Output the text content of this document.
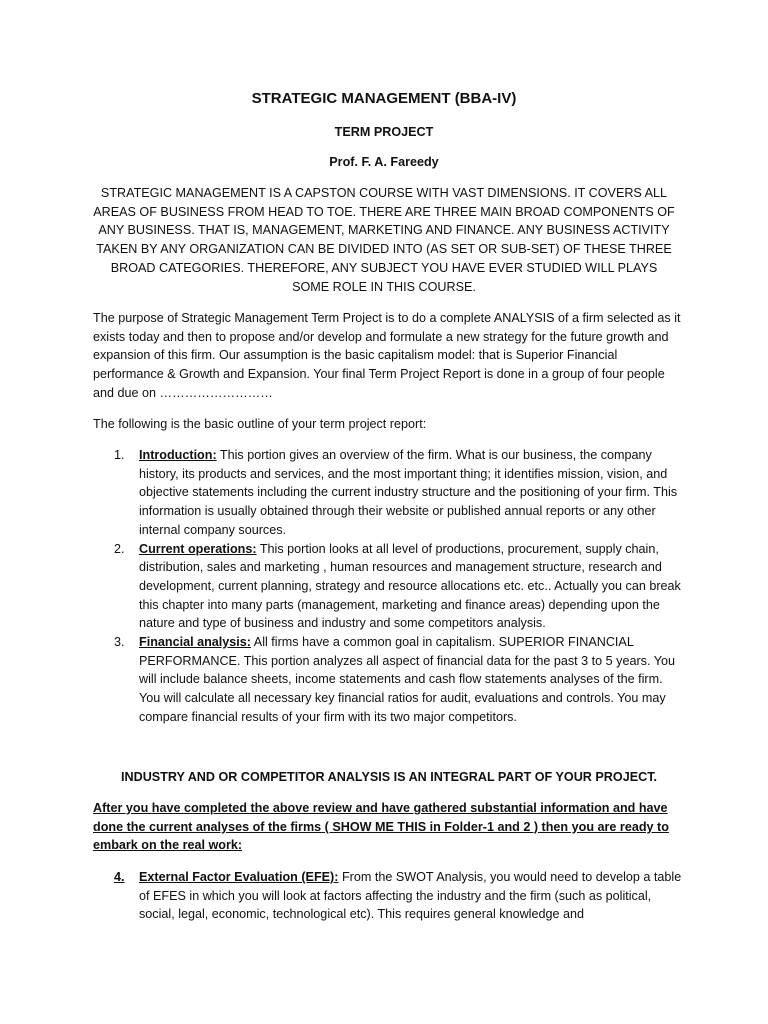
STRATEGIC MANAGEMENT (BBA-IV)
TERM PROJECT
Prof. F. A. Fareedy
STRATEGIC MANAGEMENT IS A CAPSTON COURSE WITH VAST DIMENSIONS. IT COVERS ALL AREAS OF BUSINESS FROM HEAD TO TOE. THERE ARE THREE MAIN BROAD COMPONENTS OF ANY BUSINESS. THAT IS, MANAGEMENT, MARKETING AND FINANCE. ANY BUSINESS ACTIVITY TAKEN BY ANY ORGANIZATION CAN BE DIVIDED INTO (AS SET OR SUB-SET) OF THESE THREE BROAD CATEGORIES. THEREFORE, ANY SUBJECT YOU HAVE EVER STUDIED WILL PLAYS SOME ROLE IN THIS COURSE.
The purpose of Strategic Management Term Project is to do a complete ANALYSIS of a firm selected as it exists today and then to propose and/or develop and formulate a new strategy for the future growth and expansion of this firm. Our assumption is the basic capitalism model: that is Superior Financial performance & Growth and Expansion. Your final Term Project Report is done in a group of four people and due on ………………………
The following is the basic outline of your term project report:
1. Introduction: This portion gives an overview of the firm. What is our business, the company history, its products and services, and the most important thing; it identifies mission, vision, and objective statements including the current industry structure and the positioning of your firm. This information is usually obtained through their website or published annual reports or any other internal company sources.
2. Current operations: This portion looks at all level of productions, procurement, supply chain, distribution, sales and marketing , human resources and management structure, research and development, current planning, strategy and resource allocations etc. etc.. Actually you can break this chapter into many parts (management, marketing and finance areas) depending upon the nature and type of business and industry and some competitors analysis.
3. Financial analysis: All firms have a common goal in capitalism. SUPERIOR FINANCIAL PERFORMANCE. This portion analyzes all aspect of financial data for the past 3 to 5 years. You will include balance sheets, income statements and cash flow statements analyses of the firm. You will calculate all necessary key financial ratios for audit, evaluations and controls. You may compare financial results of your firm with its two major competitors.
INDUSTRY AND OR COMPETITOR ANALYSIS IS AN INTEGRAL PART OF YOUR PROJECT.
After you have completed the above review and have gathered substantial information and have done the current analyses of the firms ( SHOW ME THIS in Folder-1 and 2 ) then you are ready to embark on the real work:
4. External Factor Evaluation (EFE): From the SWOT Analysis, you would need to develop a table of EFES in which you will look at factors affecting the industry and the firm (such as political, social, legal, economic, technological etc). This requires general knowledge and
